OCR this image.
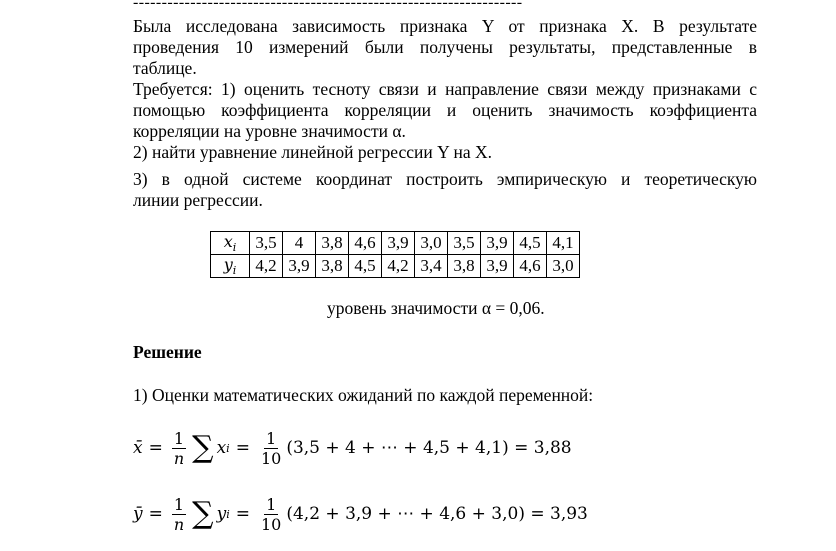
--------------------------------------------------------------------
Была исследована зависимость признака Y от признака X. В результате
проведения 10 измерений были получены результаты, представленные в
таблице.
Требуется: 1) оценить тесноту связи и направление связи между признаками с
помощью коэффициента корреляции и оценить значимость коэффициента
корреляции на уровне значимости α.
2) найти уравнение линейной регрессии Y на X.
3) в одной системе координат построить эмпирическую и теоретическую
линии регрессии.
$x_i$	3,5	4	3,8	4,6	3,9	3,0	3,5	3,9	4,5	4,1
$y_i$	4,2	3,9	3,8	4,5	4,2	3,4	3,8	3,9	4,6	3,0
уровень значимости α = 0,06.
Решение
1) Оценки математических ожиданий по каждой переменной:
x̄ = $\frac{1}{n}$ ∑ x $i = \frac{1}{10} (3,5 + 4$ + ⋯ + 4,5 + 4,1) = 3,88
ȳ = $\frac{1}{n}$ ∑ y $i = \frac{1}{10} (4,2 + 3,9$ + ⋯ + 4,6 + 3,0) = 3,93
